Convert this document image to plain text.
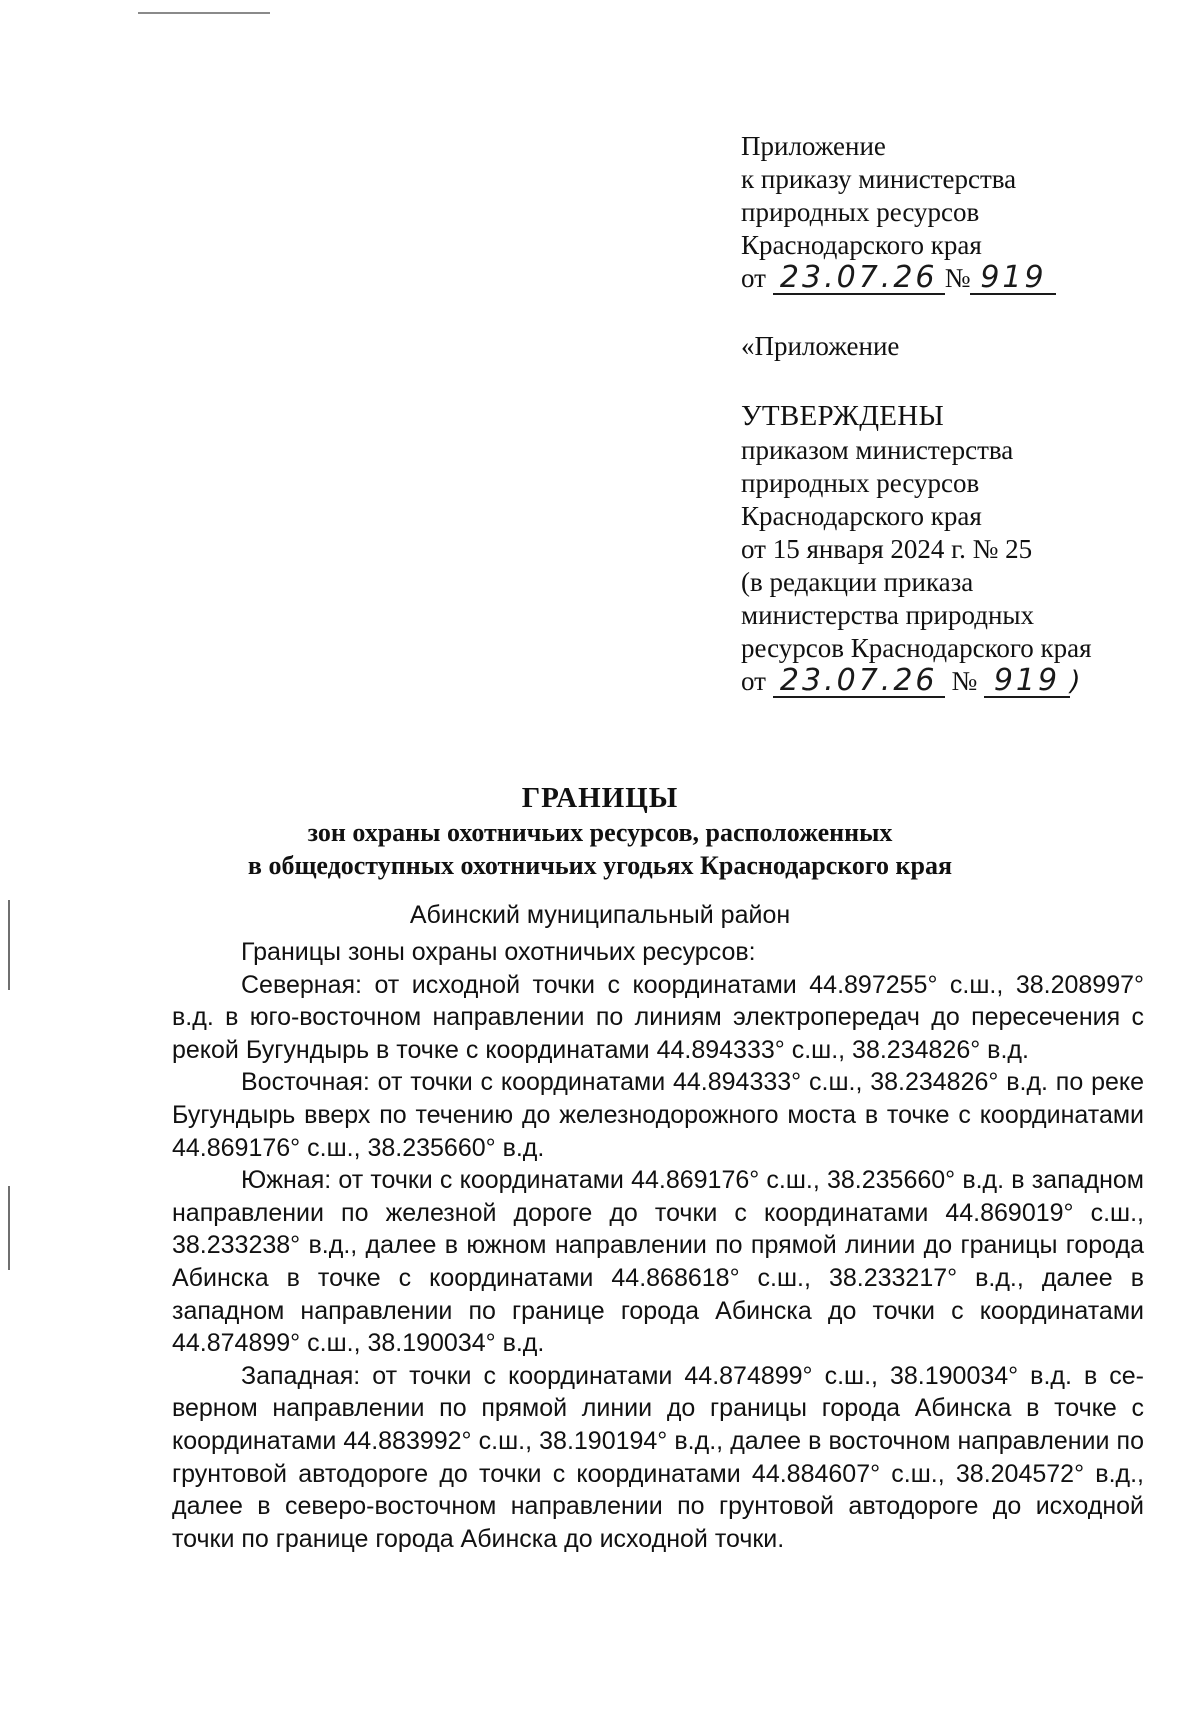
Приложение
к приказу министерства
природных ресурсов
Краснодарского края
от 23.07.26 № 919
«Приложение
УТВЕРЖДЕНЫ
приказом министерства
природных ресурсов
Краснодарского края
от 15 января 2024 г. № 25
(в редакции приказа
министерства природных
ресурсов Краснодарского края
от 23.07.26 № 919 )
ГРАНИЦЫ
зон охраны охотничьих ресурсов, расположенных
в общедоступных охотничьих угодьях Краснодарского края
Абинский муниципальный район

Границы зоны охраны охотничьих ресурсов:

Северная: от исходной точки с координатами 44.897255° с.ш., 38.208997° в.д. в юго-восточном направлении по линиям электропередач до пересечения с рекой Бугундырь в точке с координатами 44.894333° с.ш., 38.234826° в.д.

Восточная: от точки с координатами 44.894333° с.ш., 38.234826° в.д. по реке Бугундырь вверх по течению до железнодорожного моста в точке с координатами 44.869176° с.ш., 38.235660° в.д.

Южная: от точки с координатами 44.869176° с.ш., 38.235660° в.д. в западном направлении по железной дороге до точки с координатами 44.869019° с.ш., 38.233238° в.д., далее в южном направлении по прямой линии до границы города Абинска в точке с координатами 44.868618° с.ш., 38.233217° в.д., далее в западном направлении по границе города Абинска до точки с координатами 44.874899° с.ш., 38.190034° в.д.

Западная: от точки с координатами 44.874899° с.ш., 38.190034° в.д. в северном направлении по прямой линии до границы города Абинска в точке с координатами 44.883992° с.ш., 38.190194° в.д., далее в восточном направлении по грунтовой автодороге до точки с координатами 44.884607° с.ш., 38.204572° в.д., далее в северо-восточном направлении по грунтовой автодороге до исходной точки по границе города Абинска до исходной точки.
